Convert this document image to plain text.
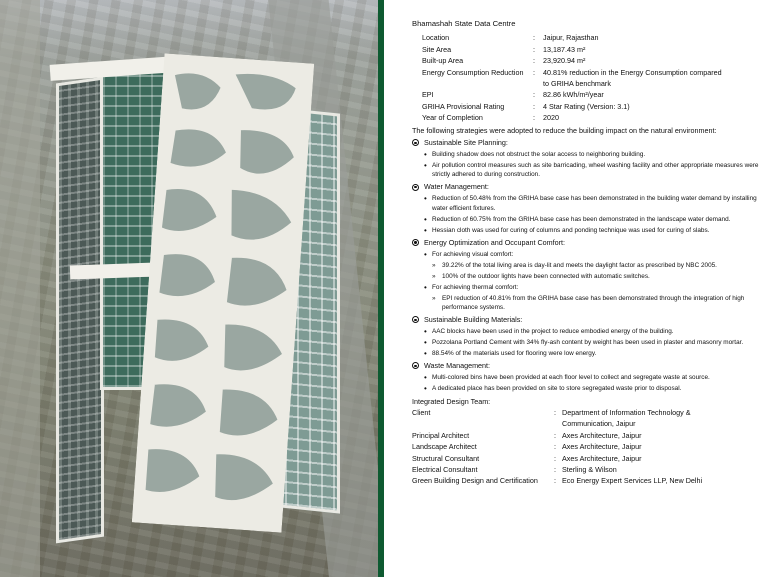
Bhamashah State Data Centre
Location	:	Jaipur, Rajasthan
Site Area	:	13,187.43 m²
Built-up Area	:	23,920.94 m²
Energy Consumption Reduction	:	40.81% reduction in the Energy Consumption compared
to GRIHA benchmark
EPI	:	82.86 kWh/m²/year
GRIHA Provisional Rating	:	4 Star Rating (Version: 3.1)
Year of Completion	:	2020
The following strategies were adopted to reduce the building impact on the natural environment:
Sustainable Site Planning:
• Building shadow does not obstruct the solar access to neighboring building.
• Air pollution control measures such as site barricading, wheel washing facility and other appropriate measures were strictly adhered to during construction.
Water Management:
• Reduction of 50.48% from the GRIHA base case has been demonstrated in the building water demand by installing water efficient fixtures.
• Reduction of 60.75% from the GRIHA base case has been demonstrated in the landscape water demand.
• Hessian cloth was used for curing of columns and ponding technique was used for curing of slabs.
Energy Optimization and Occupant Comfort:
• For achieving visual comfort:
» 39.22% of the total living area is day-lit and meets the daylight factor as prescribed by NBC 2005.
» 100% of the outdoor lights have been connected with automatic switches.
• For achieving thermal comfort:
» EPI reduction of 40.81% from the GRIHA base case has been demonstrated through the integration of high performance systems.
Sustainable Building Materials:
• AAC blocks have been used in the project to reduce embodied energy of the building.
• Pozzolana Portland Cement with 34% fly-ash content by weight has been used in plaster and masonry mortar.
• 88.54% of the materials used for flooring were low energy.
Waste Management:
• Multi-colored bins have been provided at each floor level to collect and segregate waste at source.
• A dedicated place has been provided on site to store segregated waste prior to disposal.
Integrated Design Team:
Client	: Department of Information Technology &
Communication, Jaipur
Principal Architect	: Axes Architecture, Jaipur
Landscape Architect	: Axes Architecture, Jaipur
Structural Consultant	: Axes Architecture, Jaipur
Electrical Consultant	: Sterling & Wilson
Green Building Design and Certification	: Eco Energy Expert Services LLP, New Delhi
